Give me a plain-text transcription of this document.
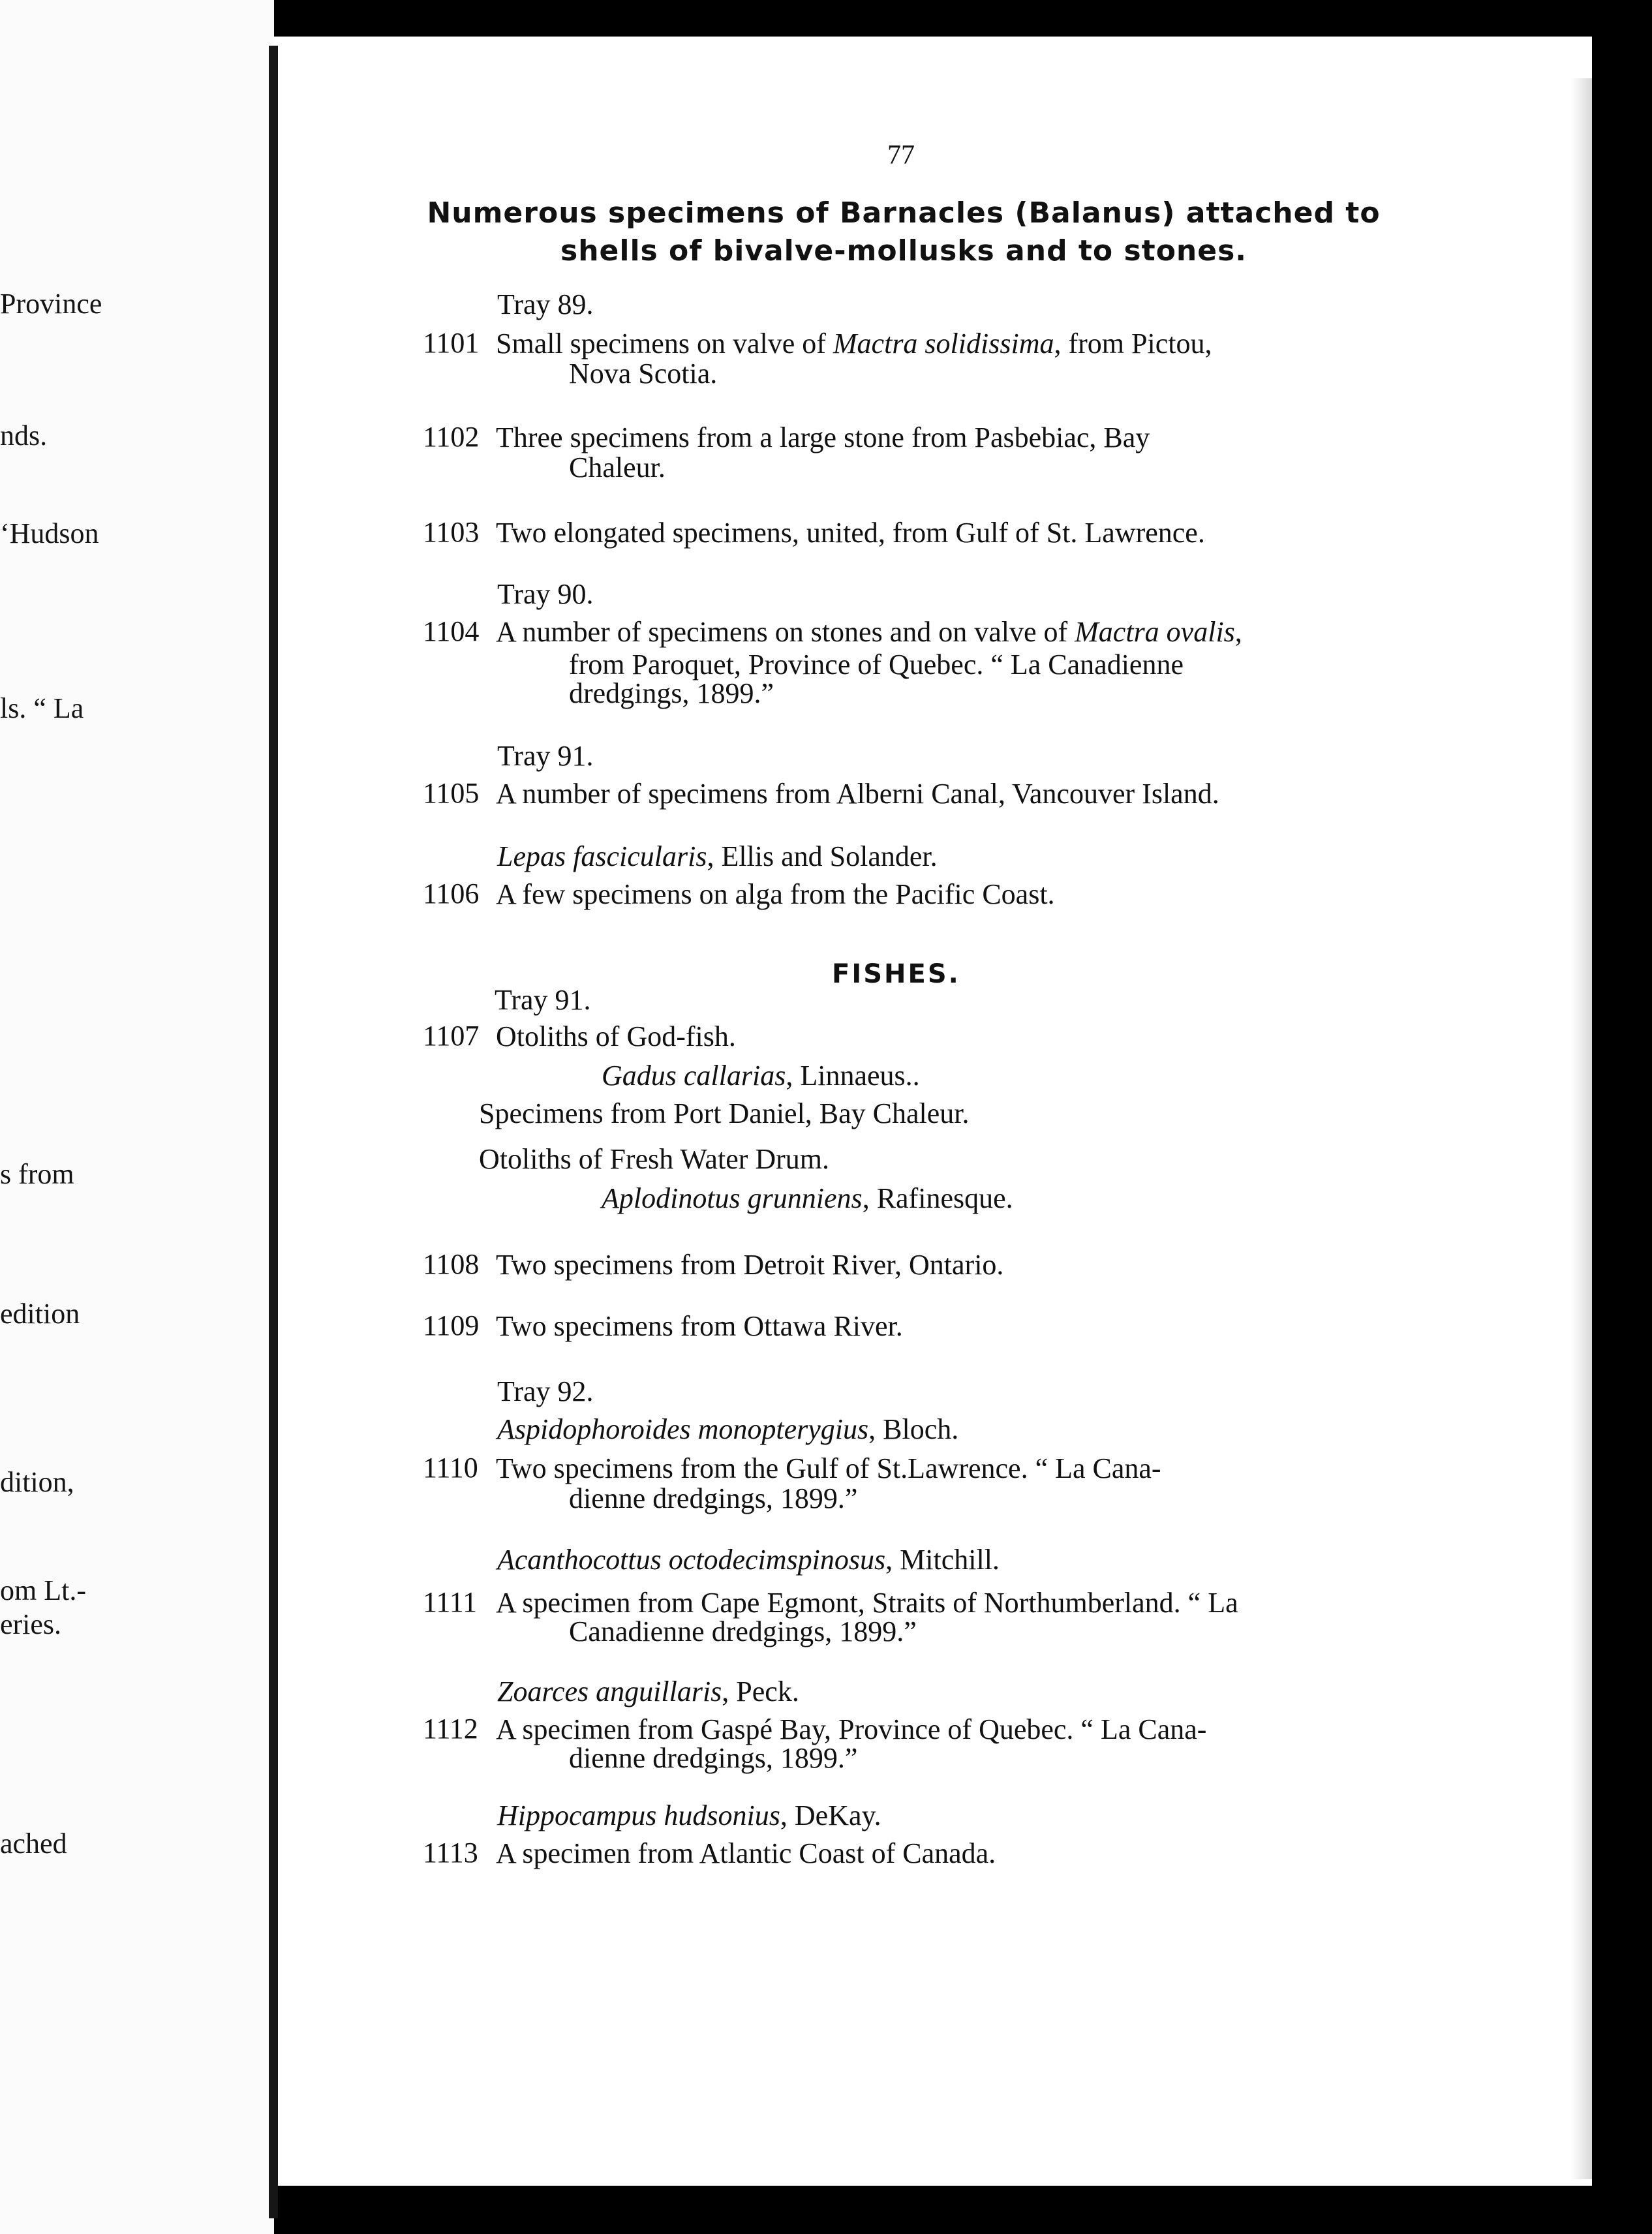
Province
nds.
‘Hudson
ls. “ La
s from
edition
dition,
om Lt.-
eries.
ached
77
Numerous specimens of Barnacles (Balanus) attached to shells of bivalve-mollusks and to stones.
Tray 89.
1101 Small specimens on valve of Mactra solidissima, from Pictou,
Nova Scotia.
1102 Three specimens from a large stone from Pasbebiac, Bay
Chaleur.
1103 Two elongated specimens, united, from Gulf of St. Lawrence.
Tray 90.
1104 A number of specimens on stones and on valve of Mactra ovalis,
from Paroquet, Province of Quebec. “ La Canadienne
dredgings, 1899.”
Tray 91.
1105 A number of specimens from Alberni Canal, Vancouver Island.
Lepas fascicularis, Ellis and Solander.
1106 A few specimens on alga from the Pacific Coast.
FISHES.
Tray 91.
1107 Otoliths of God-fish.
Gadus callarias, Linnaeus..
Specimens from Port Daniel, Bay Chaleur.
Otoliths of Fresh Water Drum.
Aplodinotus grunniens, Rafinesque.
1108 Two specimens from Detroit River, Ontario.
1109 Two specimens from Ottawa River.
Tray 92.
Aspidophoroides monopterygius, Bloch.
1110 Two specimens from the Gulf of St.Lawrence. “ La Cana-
dienne dredgings, 1899.”
Acanthocottus octodecimspinosus, Mitchill.
1111 A specimen from Cape Egmont, Straits of Northumberland. “ La
Canadienne dredgings, 1899.”
Zoarces anguillaris, Peck.
1112 A specimen from Gaspé Bay, Province of Quebec. “ La Cana-
dienne dredgings, 1899.”
Hippocampus hudsonius, DeKay.
1113 A specimen from Atlantic Coast of Canada.
